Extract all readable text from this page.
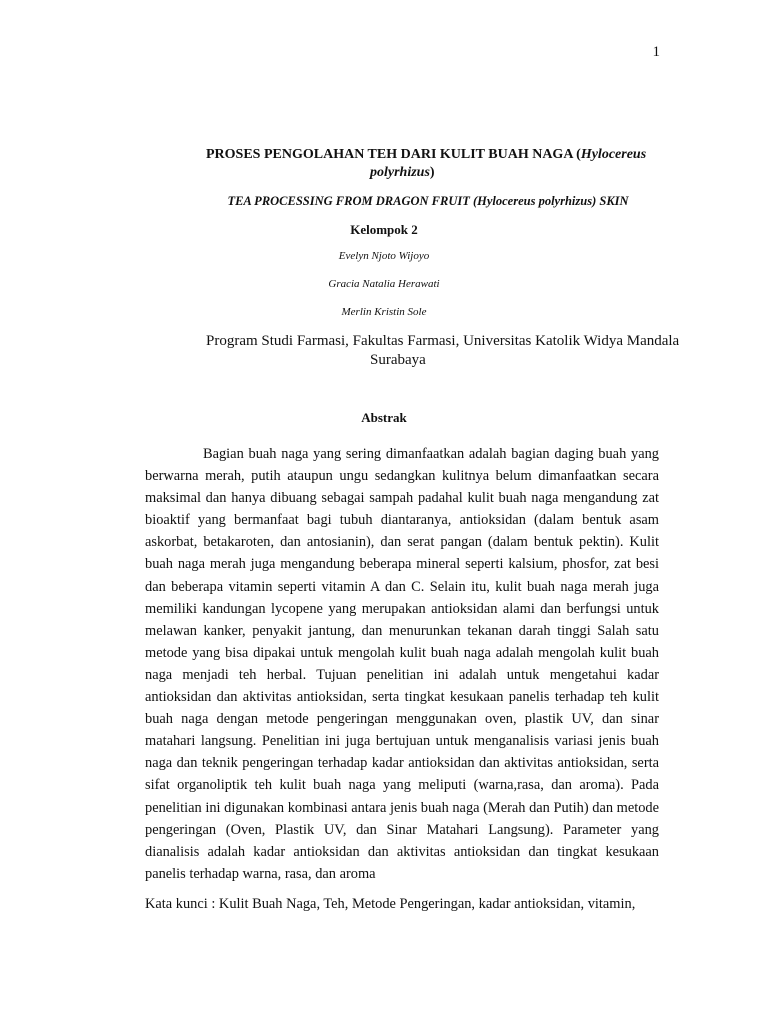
1
PROSES PENGOLAHAN TEH DARI KULIT BUAH NAGA (Hylocereus
polyrhizus)
TEA PROCESSING FROM DRAGON FRUIT (Hylocereus polyrhizus) SKIN
Kelompok 2
Evelyn Njoto Wijoyo
Gracia Natalia Herawati
Merlin Kristin Sole
Program Studi Farmasi, Fakultas Farmasi, Universitas Katolik Widya Mandala
Surabaya
Abstrak

Bagian buah naga yang sering dimanfaatkan adalah bagian daging buah yang berwarna merah, putih ataupun ungu sedangkan kulitnya belum dimanfaatkan secara maksimal dan hanya dibuang sebagai sampah padahal kulit buah naga mengandung zat bioaktif yang bermanfaat bagi tubuh diantaranya, antioksidan (dalam bentuk asam askorbat, betakaroten, dan antosianin), dan serat pangan (dalam bentuk pektin). Kulit buah naga merah juga mengandung beberapa mineral seperti kalsium, phosfor, zat besi dan beberapa vitamin seperti vitamin A dan C. Selain itu, kulit buah naga merah juga memiliki kandungan lycopene yang merupakan antioksidan alami dan berfungsi untuk melawan kanker, penyakit jantung, dan menurunkan tekanan darah tinggi Salah satu metode yang bisa dipakai untuk mengolah kulit buah naga adalah mengolah kulit buah naga menjadi teh herbal. Tujuan penelitian ini adalah untuk mengetahui kadar antioksidan dan aktivitas antioksidan, serta tingkat kesukaan panelis terhadap teh kulit buah naga dengan metode pengeringan menggunakan oven, plastik UV, dan sinar matahari langsung. Penelitian ini juga bertujuan untuk menganalisis variasi jenis buah naga dan teknik pengeringan terhadap kadar antioksidan dan aktivitas antioksidan, serta sifat organoliptik teh kulit buah naga yang meliputi (warna,rasa, dan aroma). Pada penelitian ini digunakan kombinasi antara jenis buah naga (Merah dan Putih) dan metode pengeringan (Oven, Plastik UV, dan Sinar Matahari Langsung). Parameter yang dianalisis adalah kadar antioksidan dan aktivitas antioksidan dan tingkat kesukaan panelis terhadap warna, rasa, dan aroma

Kata kunci : Kulit Buah Naga, Teh, Metode Pengeringan, kadar antioksidan, vitamin,
